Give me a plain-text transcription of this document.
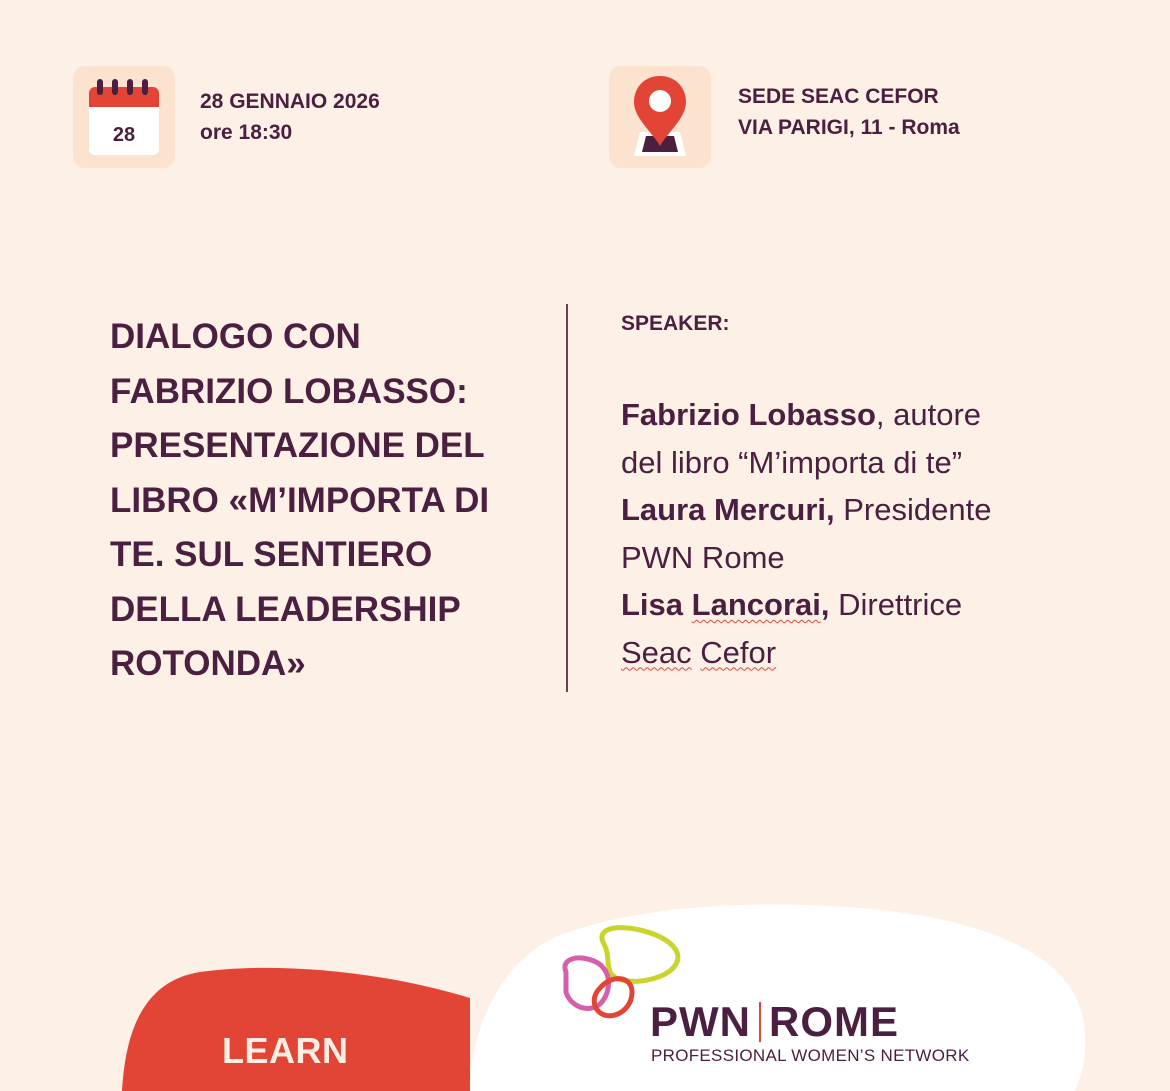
28
28 GENNAIO 2026
ore 18:30
SEDE SEAC CEFOR
VIA PARIGI, 11 - Roma
DIALOGO CON
FABRIZIO LOBASSO:
PRESENTAZIONE DEL
LIBRO «M’IMPORTA DI
TE. SUL SENTIERO
DELLA LEADERSHIP
ROTONDA»
SPEAKER:
Fabrizio Lobasso, autore
del libro “M’importa di te”
Laura Mercuri, Presidente
PWN Rome
Lisa Lancorai, Direttrice
Seac Cefor
LEARN
PWN ROME
PROFESSIONAL WOMEN’S NETWORK
